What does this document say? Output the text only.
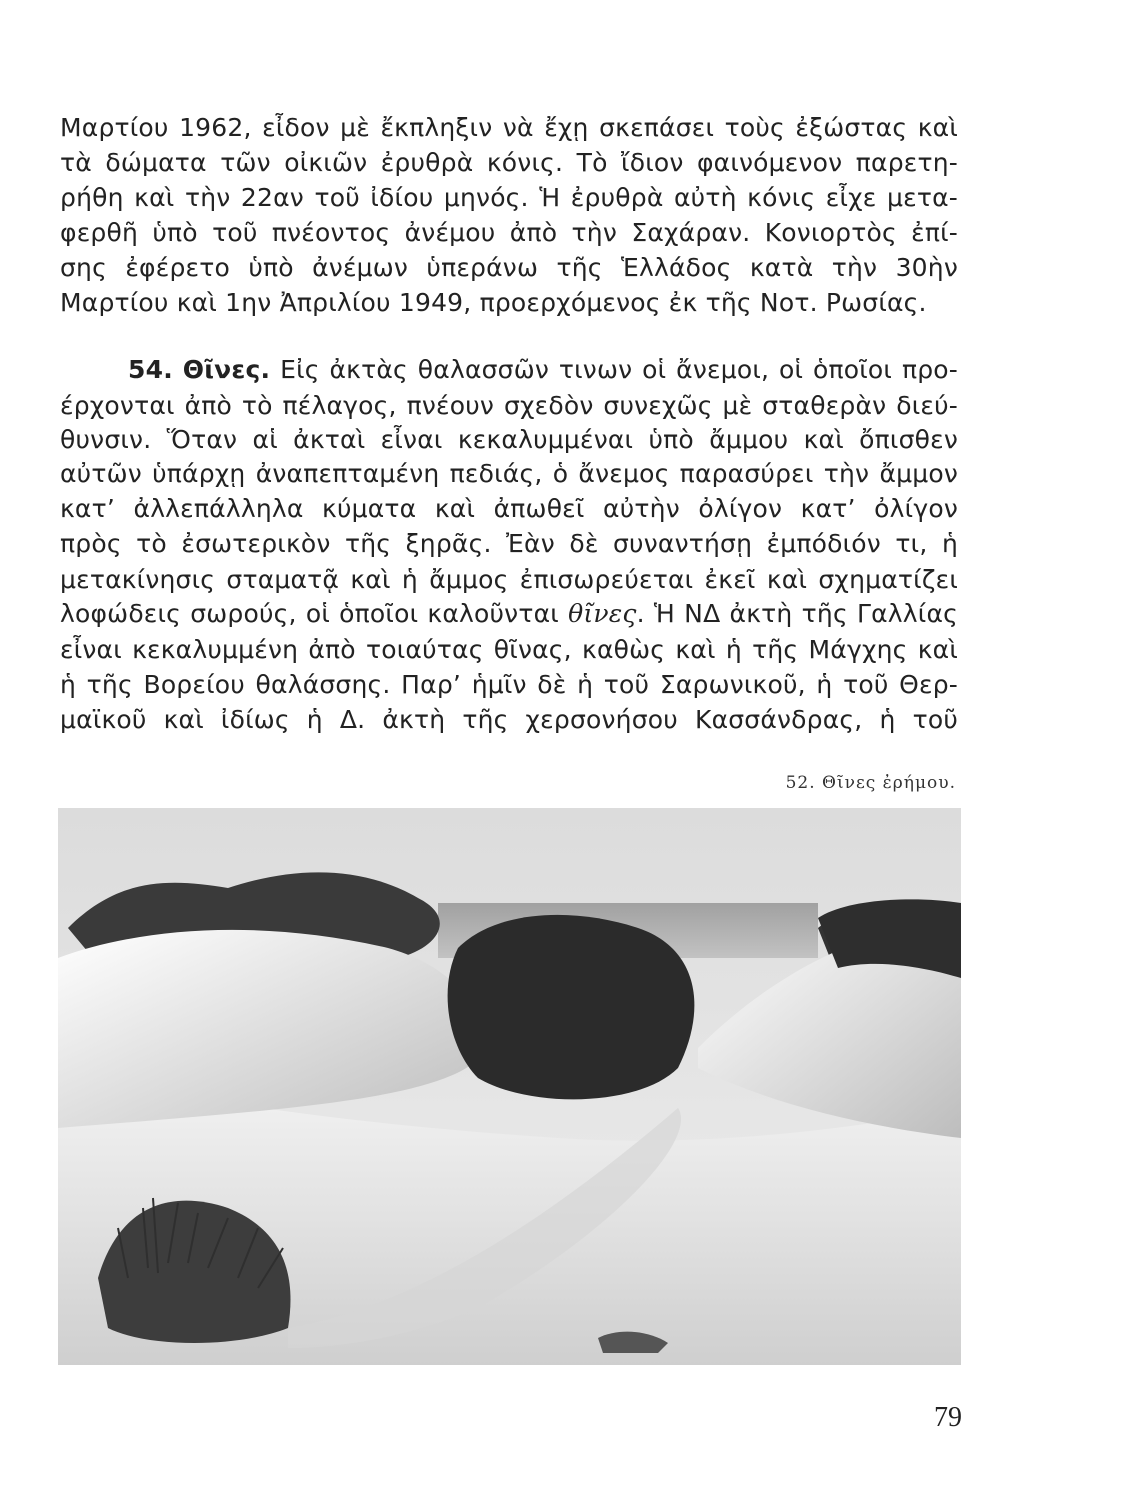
Μαρτίου 1962, εἶδον μὲ ἔκπληξιν νὰ ἔχῃ σκεπάσει τοὺς ἐξώστας καὶ
τὰ δώματα τῶν οἰκιῶν ἐρυθρὰ κόνις. Τὸ ἴδιον φαινόμενον παρετη-
ρήθη καὶ τὴν 22αν τοῦ ἰδίου μηνός. Ἡ ἐρυθρὰ αὐτὴ κόνις εἶχε μετα-
φερθῆ ὑπὸ τοῦ πνέοντος ἀνέμου ἀπὸ τὴν Σαχάραν. Κονιορτὸς ἐπί-
σης ἐφέρετο ὑπὸ ἀνέμων ὑπεράνω τῆς Ἑλλάδος κατὰ τὴν 30ὴν
Μαρτίου καὶ 1ην Ἀπριλίου 1949, προερχόμενος ἐκ τῆς Νοτ. Ρωσίας.
54. Θῖνες. Εἰς ἀκτὰς θαλασσῶν τινων οἱ ἄνεμοι, οἱ ὁποῖοι προ-
έρχονται ἀπὸ τὸ πέλαγος, πνέουν σχεδὸν συνεχῶς μὲ σταθερὰν διεύ-
θυνσιν. Ὅταν αἱ ἀκταὶ εἶναι κεκαλυμμέναι ὑπὸ ἄμμου καὶ ὄπισθεν
αὐτῶν ὑπάρχῃ ἀναπεπταμένη πεδιάς, ὁ ἄνεμος παρασύρει τὴν ἄμμον
κατ’ ἀλλεπάλληλα κύματα καὶ ἀπωθεῖ αὐτὴν ὀλίγον κατ’ ὀλίγον
πρὸς τὸ ἐσωτερικὸν τῆς ξηρᾶς. Ἐὰν δὲ συναντήσῃ ἐμπόδιόν τι, ἡ
μετακίνησις σταματᾷ καὶ ἡ ἄμμος ἐπισωρεύεται ἐκεῖ καὶ σχηματίζει
λοφώδεις σωρούς, οἱ ὁποῖοι καλοῦνται θῖνες. Ἡ ΝΔ ἀκτὴ τῆς Γαλλίας
εἶναι κεκαλυμμένη ἀπὸ τοιαύτας θῖνας, καθὼς καὶ ἡ τῆς Μάγχης καὶ
ἡ τῆς Βορείου θαλάσσης. Παρ’ ἡμῖν δὲ ἡ τοῦ Σαρωνικοῦ, ἡ τοῦ Θερ-
μαϊκοῦ καὶ ἰδίως ἡ Δ. ἀκτὴ τῆς χερσονήσου Κασσάνδρας, ἡ τοῦ
52. Θῖνες ἐρήμου.
79
